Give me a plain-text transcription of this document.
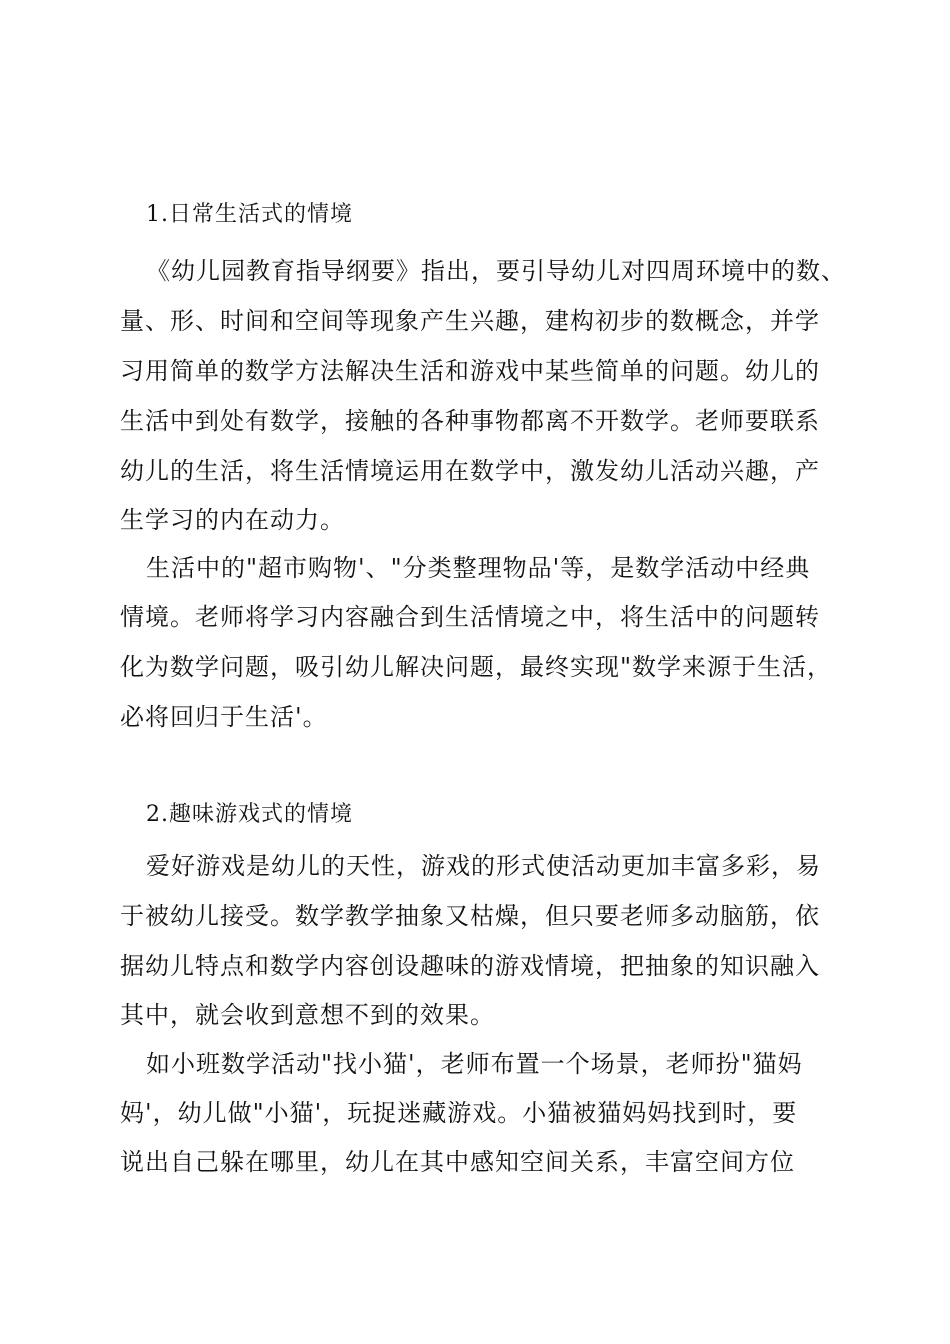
1.日常生活式的情境
《幼儿园教育指导纲要》指出，要引导幼儿对四周环境中的数、
量、形、时间和空间等现象产生兴趣，建构初步的数概念，并学
习用简单的数学方法解决生活和游戏中某些简单的问题。幼儿的
生活中到处有数学，接触的各种事物都离不开数学。老师要联系
幼儿的生活，将生活情境运用在数学中，激发幼儿活动兴趣，产
生学习的内在动力。
生活中的"超市购物'、"分类整理物品'等，是数学活动中经典
情境。老师将学习内容融合到生活情境之中，将生活中的问题转
化为数学问题，吸引幼儿解决问题，最终实现"数学来源于生活，
必将回归于生活'。
2.趣味游戏式的情境
爱好游戏是幼儿的天性，游戏的形式使活动更加丰富多彩，易
于被幼儿接受。数学教学抽象又枯燥，但只要老师多动脑筋，依
据幼儿特点和数学内容创设趣味的游戏情境，把抽象的知识融入
其中，就会收到意想不到的效果。
如小班数学活动"找小猫'，老师布置一个场景，老师扮"猫妈
妈'，幼儿做"小猫'，玩捉迷藏游戏。小猫被猫妈妈找到时，要
说出自己躲在哪里，幼儿在其中感知空间关系，丰富空间方位
